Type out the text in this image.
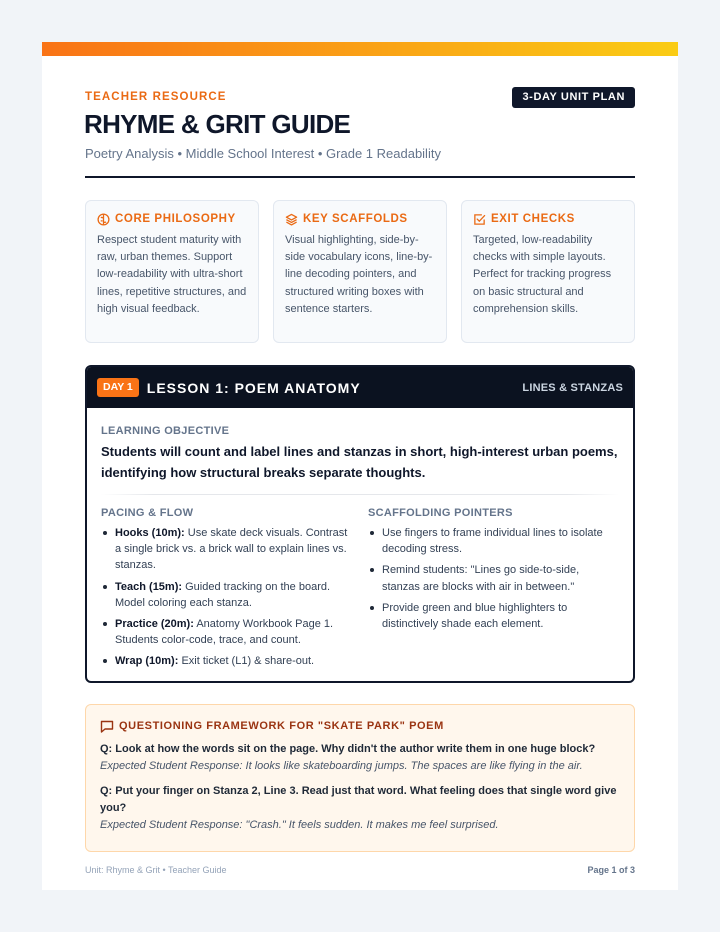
TEACHER RESOURCE	3-DAY UNIT PLAN
RHYME & GRIT GUIDE
Poetry Analysis • Middle School Interest • Grade 1 Readability
CORE PHILOSOPHY
Respect student maturity with raw, urban themes. Support low-readability with ultra-short lines, repetitive structures, and high visual feedback.
KEY SCAFFOLDS
Visual highlighting, side-by-side vocabulary icons, line-by-line decoding pointers, and structured writing boxes with sentence starters.
EXIT CHECKS
Targeted, low-readability checks with simple layouts. Perfect for tracking progress on basic structural and comprehension skills.
DAY 1	LESSON 1: POEM ANATOMY	LINES & STANZAS
LEARNING OBJECTIVE
Students will count and label lines and stanzas in short, high-interest urban poems, identifying how structural breaks separate thoughts.
PACING & FLOW
Hooks (10m): Use skate deck visuals. Contrast a single brick vs. a brick wall to explain lines vs. stanzas.
Teach (15m): Guided tracking on the board. Model coloring each stanza.
Practice (20m): Anatomy Workbook Page 1. Students color-code, trace, and count.
Wrap (10m): Exit ticket (L1) & share-out.
SCAFFOLDING POINTERS
Use fingers to frame individual lines to isolate decoding stress.
Remind students: "Lines go side-to-side, stanzas are blocks with air in between."
Provide green and blue highlighters to distinctively shade each element.
QUESTIONING FRAMEWORK FOR "SKATE PARK" POEM
Q: Look at how the words sit on the page. Why didn't the author write them in one huge block?
Expected Student Response: It looks like skateboarding jumps. The spaces are like flying in the air.
Q: Put your finger on Stanza 2, Line 3. Read just that word. What feeling does that single word give you?
Expected Student Response: "Crash." It feels sudden. It makes me feel surprised.
Unit: Rhyme & Grit • Teacher Guide	Page 1 of 3
